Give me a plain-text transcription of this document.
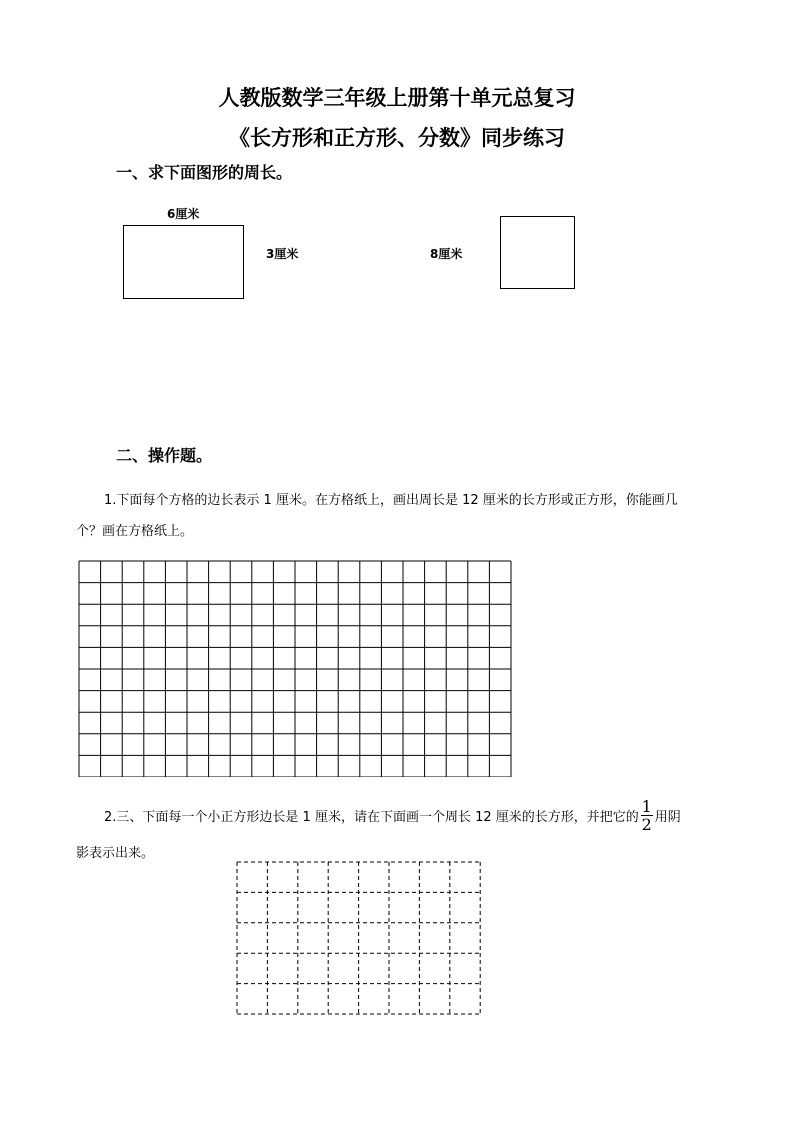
人教版数学三年级上册第十单元总复习
《长方形和正方形、分数》同步练习
一、求下面图形的周长。
6厘米
3厘米	8厘米
二、操作题。
1.下面每个方格的边长表示 1 厘米。在方格纸上，画出周长是 12 厘米的长方形或正方形，你能画几
个？画在方格纸上。
2.三、下面每一个小正方形边长是 1 厘米，请在下面画一个周长 12 厘米的长方形，并把它的 $\frac{1}{2}$ 用阴
影表示出来。
